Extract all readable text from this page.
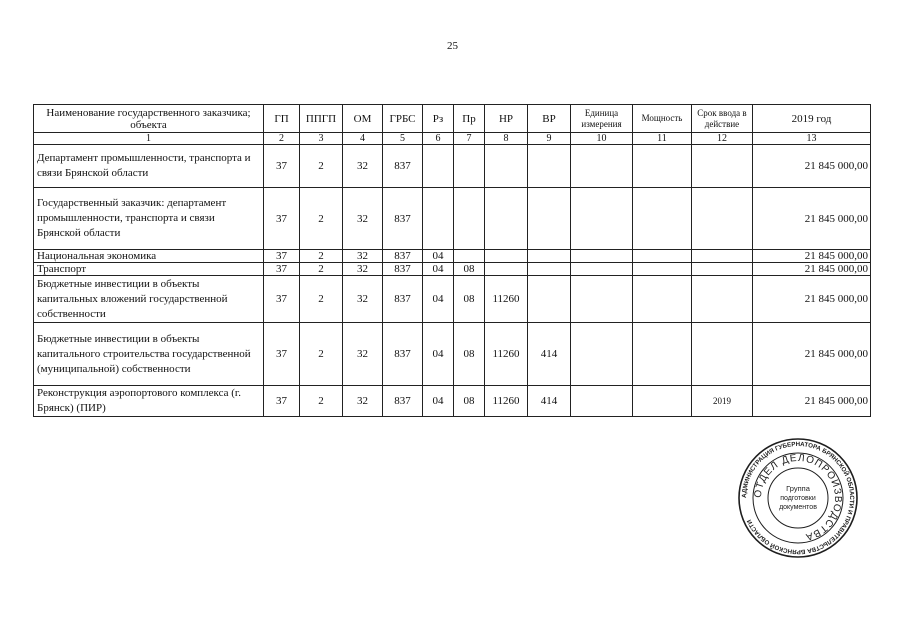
25
Наименование государственного заказчика; объекта	ГП	ППГП	ОМ	ГРБС	Рз	Пр	НР	ВР	Единица измерения	Мощность	Срок ввода в действие	2019 год
1	2	3	4	5	6	7	8	9	10	11	12	13
Департамент промышленности, транспорта и связи Брянской области	37	2	32	837								21 845 000,00
Государственный заказчик: департамент промышленности, транспорта и связи Брянской области	37	2	32	837								21 845 000,00
Национальная экономика	37	2	32	837	04							21 845 000,00
Транспорт	37	2	32	837	04	08						21 845 000,00
Бюджетные инвестиции в объекты капитальных вложений государственной собственности	37	2	32	837	04	08	11260					21 845 000,00
Бюджетные инвестиции в объекты капитального строительства государственной (муниципальной) собственности	37	2	32	837	04	08	11260	414				21 845 000,00
Реконструкция аэропортового комплекса (г. Брянск) (ПИР)	37	2	32	837	04	08	11260	414			2019	21 845 000,00
АДМИНИСТРАЦИЯ ГУБЕРНАТОРА БРЯНСКОЙ ОБЛАСТИ И ПРАВИТЕЛЬСТВА БРЯНСКОЙ ОБЛАСТИ
ОТДЕЛ ДЕЛОПРОИЗВОДСТВА
Группа
подготовки
документов
